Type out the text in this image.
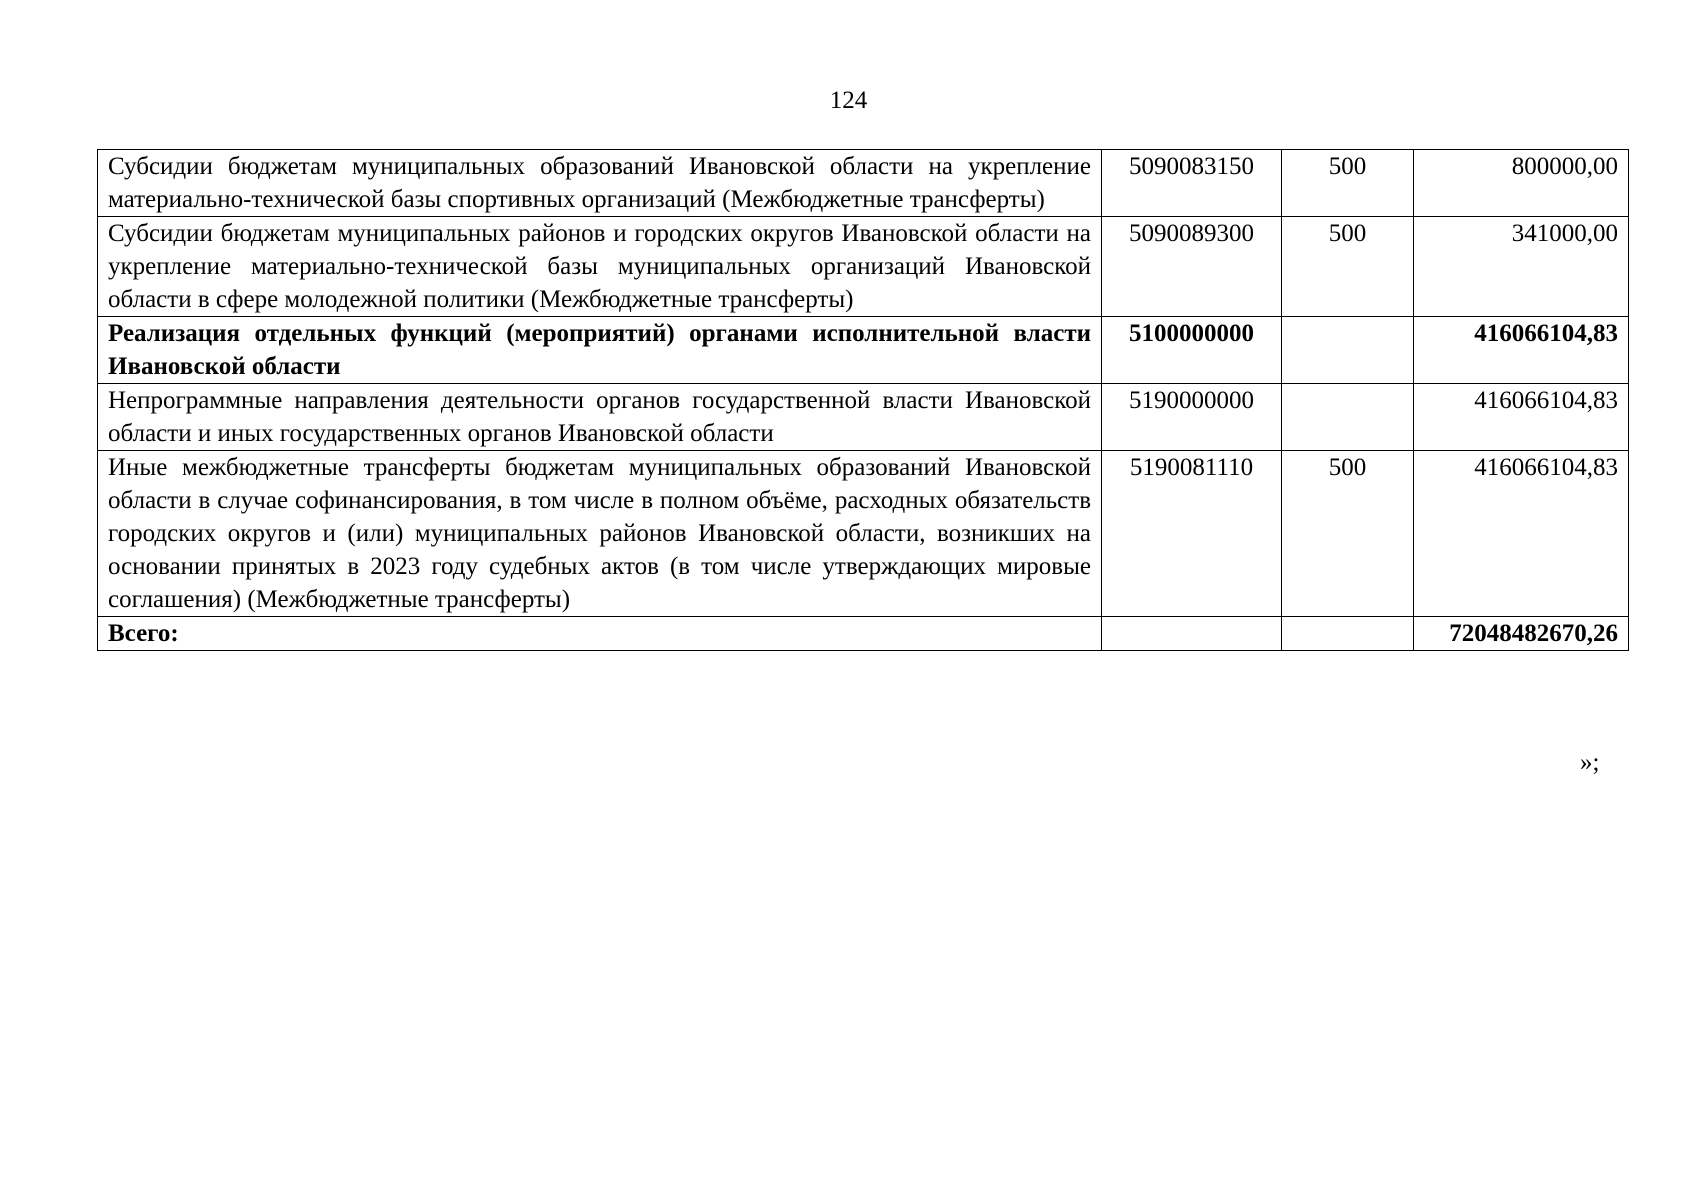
124
Субсидии бюджетам муниципальных образований Ивановской области на укрепление материально-технической базы спортивных организаций (Межбюджетные трансферты)	5090083150	500	800000,00
Субсидии бюджетам муниципальных районов и городских округов Ивановской области на укрепление материально-технической базы муниципальных организаций Ивановской области в сфере молодежной политики (Межбюджетные трансферты)	5090089300	500	341000,00
Реализация отдельных функций (мероприятий) органами исполнительной власти Ивановской области	5100000000		416066104,83
Непрограммные направления деятельности органов государственной власти Ивановской области и иных государственных органов Ивановской области	5190000000		416066104,83
Иные межбюджетные трансферты бюджетам муниципальных образований Ивановской области в случае софинансирования, в том числе в полном объёме, расходных обязательств городских округов и (или) муниципальных районов Ивановской области, возникших на основании принятых в 2023 году судебных актов (в том числе утверждающих мировые соглашения) (Межбюджетные трансферты)	5190081110	500	416066104,83
Всего:			72048482670,26
»;
